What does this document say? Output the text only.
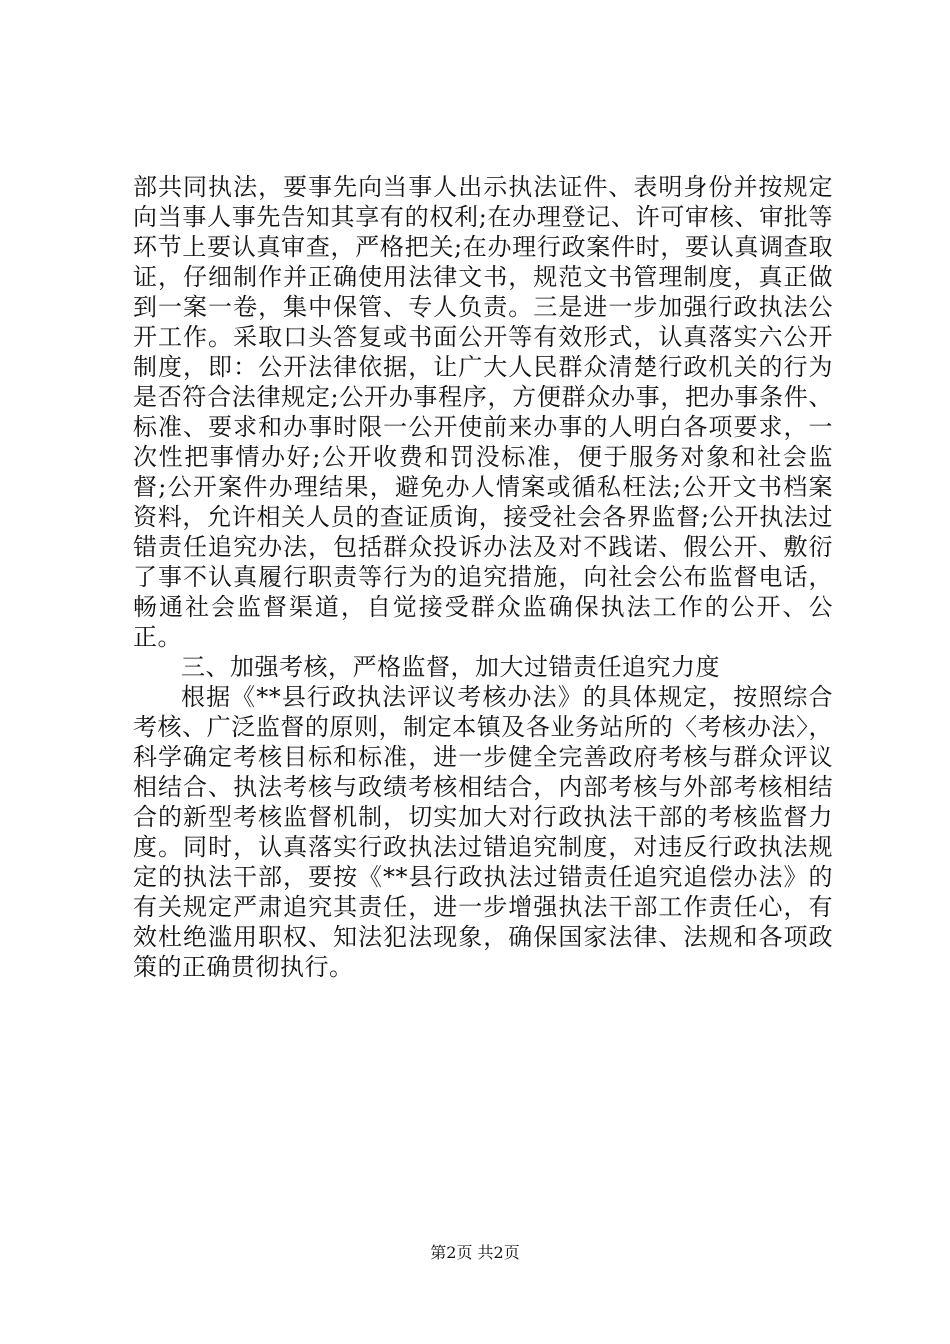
部共同执法，要事先向当事人出示执法证件、表明身份并按规定向当事人事先告知其享有的权利;在办理登记、许可审核、审批等环节上要认真审查，严格把关;在办理行政案件时，要认真调查取证，仔细制作并正确使用法律文书，规范文书管理制度，真正做到一案一卷，集中保管、专人负责。三是进一步加强行政执法公开工作。采取口头答复或书面公开等有效形式，认真落实六公开制度，即：公开法律依据，让广大人民群众清楚行政机关的行为是否符合法律规定;公开办事程序，方便群众办事，把办事条件、标准、要求和办事时限一公开使前来办事的人明白各项要求，一次性把事情办好;公开收费和罚没标准，便于服务对象和社会监督;公开案件办理结果，避免办人情案或循私枉法;公开文书档案资料，允许相关人员的查证质询，接受社会各界监督;公开执法过错责任追究办法，包括群众投诉办法及对不践诺、假公开、敷衍了事不认真履行职责等行为的追究措施，向社会公布监督电话，畅通社会监督渠道，自觉接受群众监确保执法工作的公开、公正。

三、加强考核，严格监督，加大过错责任追究力度

根据《**县行政执法评议考核办法》的具体规定，按照综合考核、广泛监督的原则，制定本镇及各业务站所的〈考核办法〉，科学确定考核目标和标准，进一步健全完善政府考核与群众评议相结合、执法考核与政绩考核相结合，内部考核与外部考核相结合的新型考核监督机制，切实加大对行政执法干部的考核监督力度。同时，认真落实行政执法过错追究制度，对违反行政执法规定的执法干部，要按《**县行政执法过错责任追究追偿办法》的有关规定严肃追究其责任，进一步增强执法干部工作责任心，有效杜绝滥用职权、知法犯法现象，确保国家法律、法规和各项政策的正确贯彻执行。

第2页 共2页
